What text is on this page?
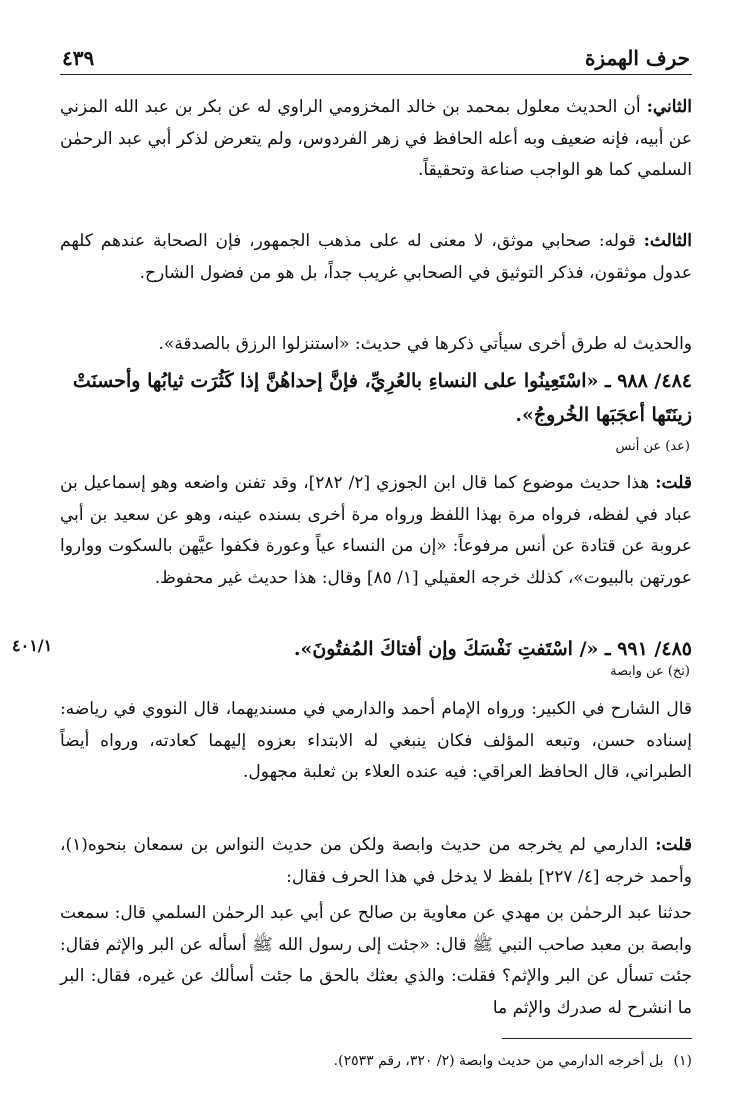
حرف الهمزة
٤٣٩

الثاني: أن الحديث معلول بمحمد بن خالد المخزومي الراوي له عن بكر بن عبد الله المزني عن أبيه، فإنه ضعيف وبه أعله الحافظ في زهر الفردوس، ولم يتعرض لذكر أبي عبد الرحمٰن السلمي كما هو الواجب صناعة وتحقيقاً.

الثالث: قوله: صحابي موثق، لا معنى له على مذهب الجمهور، فإن الصحابة عندهم كلهم عدول موثقون، فذكر التوثيق في الصحابي غريب جداً، بل هو من فضول الشارح.

والحديث له طرق أخرى سيأتي ذكرها في حديث: «استنزلوا الرزق بالصدقة».

٤٨٤/ ٩٨٨ ـ «اسْتَعِينُوا على النساءِ بالعُرِيِّ، فإنَّ إحداهُنَّ إذا كَثُرَت ثيابُها وأحسنَتْ زينَتَها أعجَبَها الخُروجُ».

(عد) عن أنس

قلت: هذا حديث موضوع كما قال ابن الجوزي [٢/ ٢٨٢]، وقد تفنن واضعه وهو إسماعيل بن عباد في لفظه، فرواه مرة بهذا اللفظ ورواه مرة أخرى بسنده عينه، وهو عن سعيد بن أبي عروبة عن قتادة عن أنس مرفوعاً: «إن من النساء عياً وعورة فكفوا عيَّهن بالسكوت وواروا عورتهن بالبيوت»، كذلك خرجه العقيلي [١/ ٨٥] وقال: هذا حديث غير محفوظ.

٤٨٥/ ٩٩١ ـ «/ اسْتَفتِ نَفْسَكَ وإن أفتاكَ المُفتُونَ».

٤٠١/١
(تخ) عن وابصة

قال الشارح في الكبير: ورواه الإمام أحمد والدارمي في مسنديهما، قال النووي في رياضه: إسناده حسن، وتبعه المؤلف فكان ينبغي له الابتداء بعزوه إليهما كعادته، ورواه أيضاً الطبراني، قال الحافظ العراقي: فيه عنده العلاء بن ثعلبة مجهول.

قلت: الدارمي لم يخرجه من حديث وابصة ولكن من حديث النواس بن سمعان بنحوه(١)، وأحمد خرجه [٤/ ٢٢٧] بلفظ لا يدخل في هذا الحرف فقال:

حدثنا عبد الرحمٰن بن مهدي عن معاوية بن صالح عن أبي عبد الرحمٰن السلمي قال: سمعت وابصة بن معبد صاحب النبي ﷺ قال: «جئت إلى رسول الله ﷺ أسأله عن البر والإثم فقال: جئت تسأل عن البر والإثم؟ فقلت: والذي بعثك بالحق ما جئت أسألك عن غيره، فقال: البر ما انشرح له صدرك والإثم ما

(١)بل أخرجه الدارمي من حديث وابصة (٢/ ٣٢٠، رقم ٢٥٣٣).
